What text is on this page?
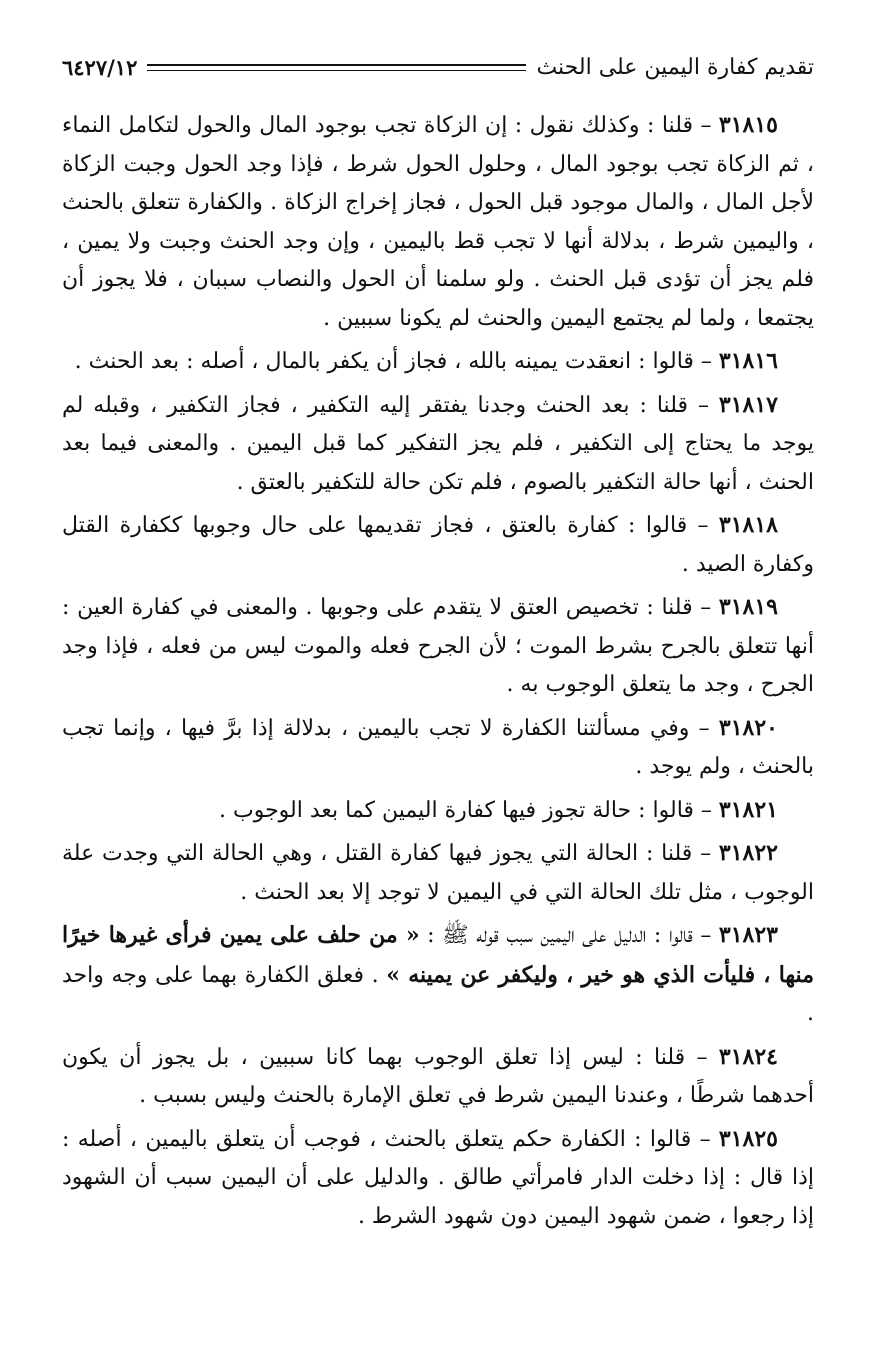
تقديم كفارة اليمين على الحنث
٦٤٢٧/١٢

٣١٨١٥ – قلنا : وكذلك نقول : إن الزكاة تجب بوجود المال والحول لتكامل النماء ، ثم الزكاة تجب بوجود المال ، وحلول الحول شرط ، فإذا وجد الحول وجبت الزكاة لأجل المال ، والمال موجود قبل الحول ، فجاز إخراج الزكاة . والكفارة تتعلق بالحنث ، واليمين شرط ، بدلالة أنها لا تجب قط باليمين ، وإن وجد الحنث وجبت ولا يمين ، فلم يجز أن تؤدى قبل الحنث . ولو سلمنا أن الحول والنصاب سببان ، فلا يجوز أن يجتمعا ، ولما لم يجتمع اليمين والحنث لم يكونا سببين .

٣١٨١٦ – قالوا : انعقدت يمينه بالله ، فجاز أن يكفر بالمال ، أصله : بعد الحنث .

٣١٨١٧ – قلنا : بعد الحنث وجدنا يفتقر إليه التكفير ، فجاز التكفير ، وقبله لم يوجد ما يحتاج إلى التكفير ، فلم يجز التفكير كما قبل اليمين . والمعنى فيما بعد الحنث ، أنها حالة التكفير بالصوم ، فلم تكن حالة للتكفير بالعتق .

٣١٨١٨ – قالوا : كفارة بالعتق ، فجاز تقديمها على حال وجوبها ككفارة القتل وكفارة الصيد .

٣١٨١٩ – قلنا : تخصيص العتق لا يتقدم على وجوبها . والمعنى في كفارة العين : أنها تتعلق بالجرح بشرط الموت ؛ لأن الجرح فعله والموت ليس من فعله ، فإذا وجد الجرح ، وجد ما يتعلق الوجوب به .

٣١٨٢٠ – وفي مسألتنا الكفارة لا تجب باليمين ، بدلالة إذا برَّ فيها ، وإنما تجب بالحنث ، ولم يوجد .

٣١٨٢١ – قالوا : حالة تجوز فيها كفارة اليمين كما بعد الوجوب .

٣١٨٢٢ – قلنا : الحالة التي يجوز فيها كفارة القتل ، وهي الحالة التي وجدت علة الوجوب ، مثل تلك الحالة التي في اليمين لا توجد إلا بعد الحنث .

٣١٨٢٣ – قالوا : الدليل على اليمين سبب قوله ﷺ : « من حلف على يمين فرأى غيرها خيرًا منها ، فليأت الذي هو خير ، وليكفر عن يمينه » . فعلق الكفارة بهما على وجه واحد .

٣١٨٢٤ – قلنا : ليس إذا تعلق الوجوب بهما كانا سببين ، بل يجوز أن يكون أحدهما شرطًا ، وعندنا اليمين شرط في تعلق الإمارة بالحنث وليس بسبب .

٣١٨٢٥ – قالوا : الكفارة حكم يتعلق بالحنث ، فوجب أن يتعلق باليمين ، أصله : إذا قال : إذا دخلت الدار فامرأتي طالق . والدليل على أن اليمين سبب أن الشهود إذا رجعوا ، ضمن شهود اليمين دون شهود الشرط .
